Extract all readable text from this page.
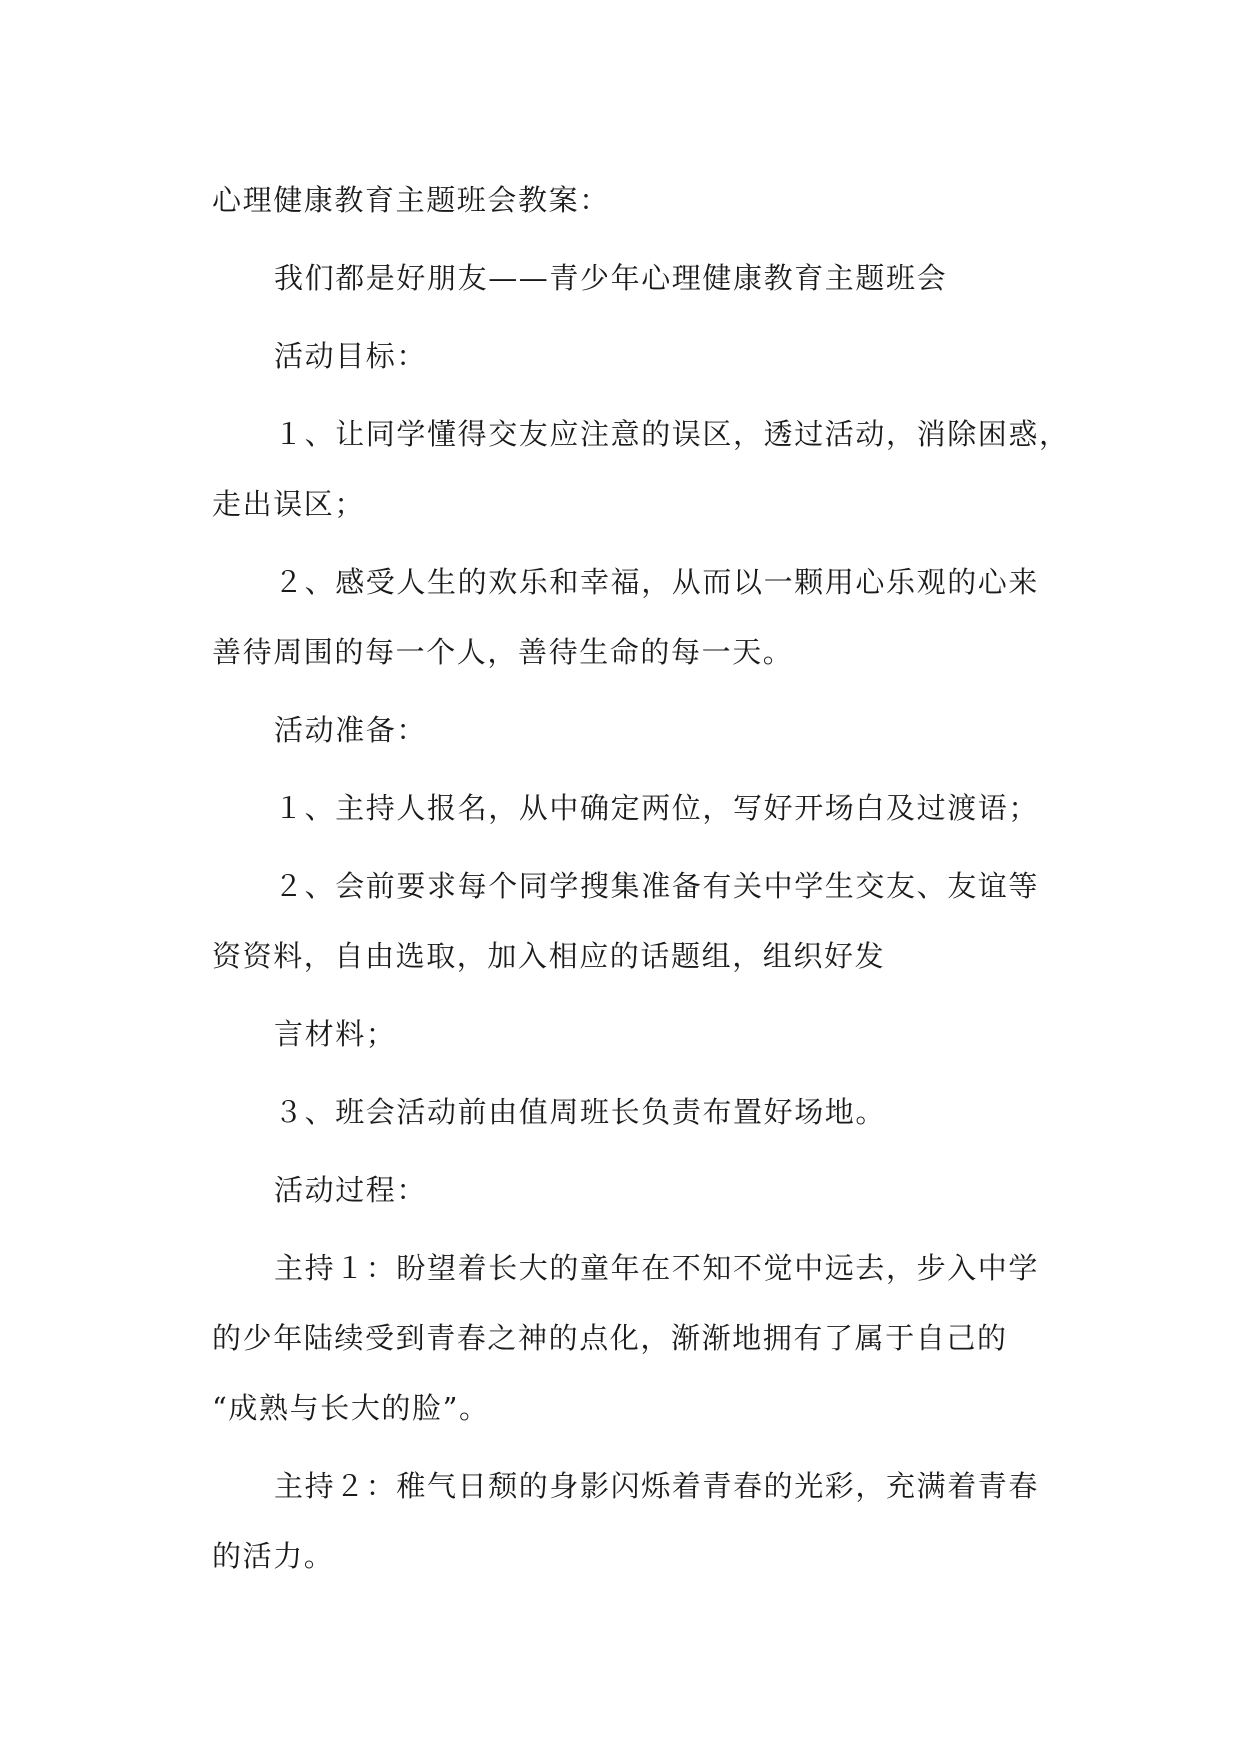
心理健康教育主题班会教案：
我们都是好朋友——青少年心理健康教育主题班会
活动目标：
１、让同学懂得交友应注意的误区，透过活动，消除困惑，
走出误区；
２、感受人生的欢乐和幸福，从而以一颗用心乐观的心来
善待周围的每一个人，善待生命的每一天。
活动准备：
１、主持人报名，从中确定两位，写好开场白及过渡语；
２、会前要求每个同学搜集准备有关中学生交友、友谊等
资资料，自由选取，加入相应的话题组，组织好发
言材料；
３、班会活动前由值周班长负责布置好场地。
活动过程：
主持１：盼望着长大的童年在不知不觉中远去，步入中学
的少年陆续受到青春之神的点化，渐渐地拥有了属于自己的
“成熟与长大的脸”。
主持２：稚气日颓的身影闪烁着青春的光彩，充满着青春
的活力。
